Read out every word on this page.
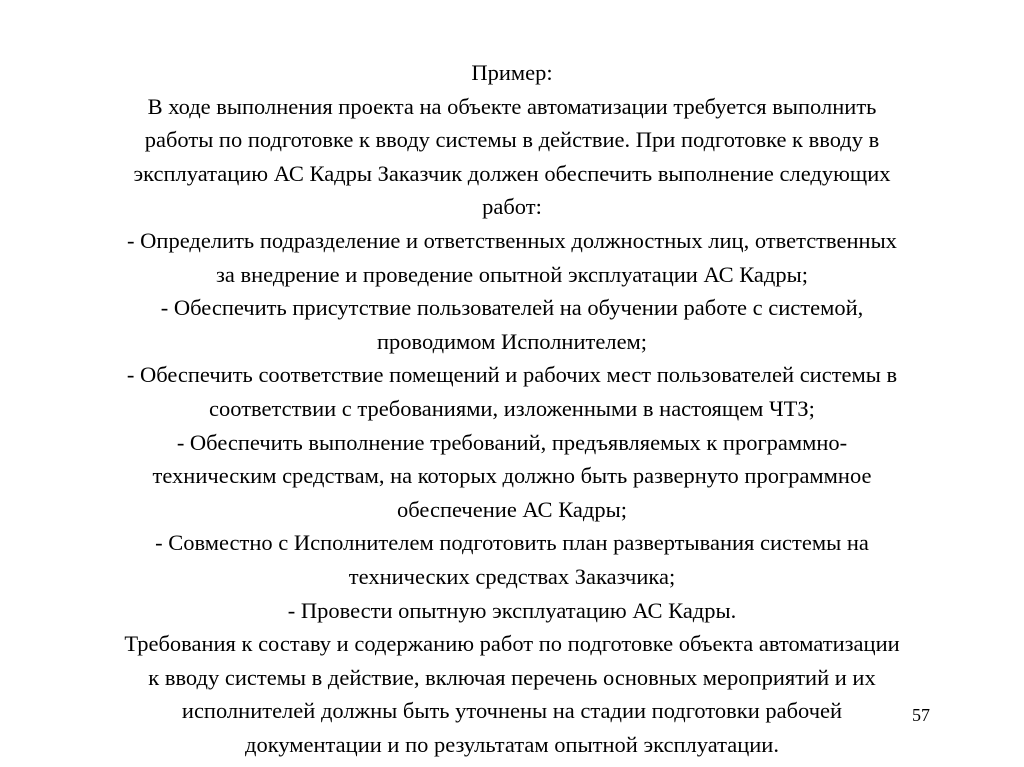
Пример:
В ходе выполнения проекта на объекте автоматизации требуется выполнить
работы по подготовке к вводу системы в действие. При подготовке к вводу в
эксплуатацию АС Кадры Заказчик должен обеспечить выполнение следующих
работ:
- Определить подразделение и ответственных должностных лиц, ответственных
за внедрение и проведение опытной эксплуатации АС Кадры;
- Обеспечить присутствие пользователей на обучении работе с системой,
проводимом Исполнителем;
- Обеспечить соответствие помещений и рабочих мест пользователей системы в
соответствии с требованиями, изложенными в настоящем ЧТЗ;
- Обеспечить выполнение требований, предъявляемых к программно-
техническим средствам, на которых должно быть развернуто программное
обеспечение АС Кадры;
- Совместно с Исполнителем подготовить план развертывания системы на
технических средствах Заказчика;
- Провести опытную эксплуатацию АС Кадры.
Требования к составу и содержанию работ по подготовке объекта автоматизации
к вводу системы в действие, включая перечень основных мероприятий и их
исполнителей должны быть уточнены на стадии подготовки рабочей
документации и по результатам опытной эксплуатации.
57
